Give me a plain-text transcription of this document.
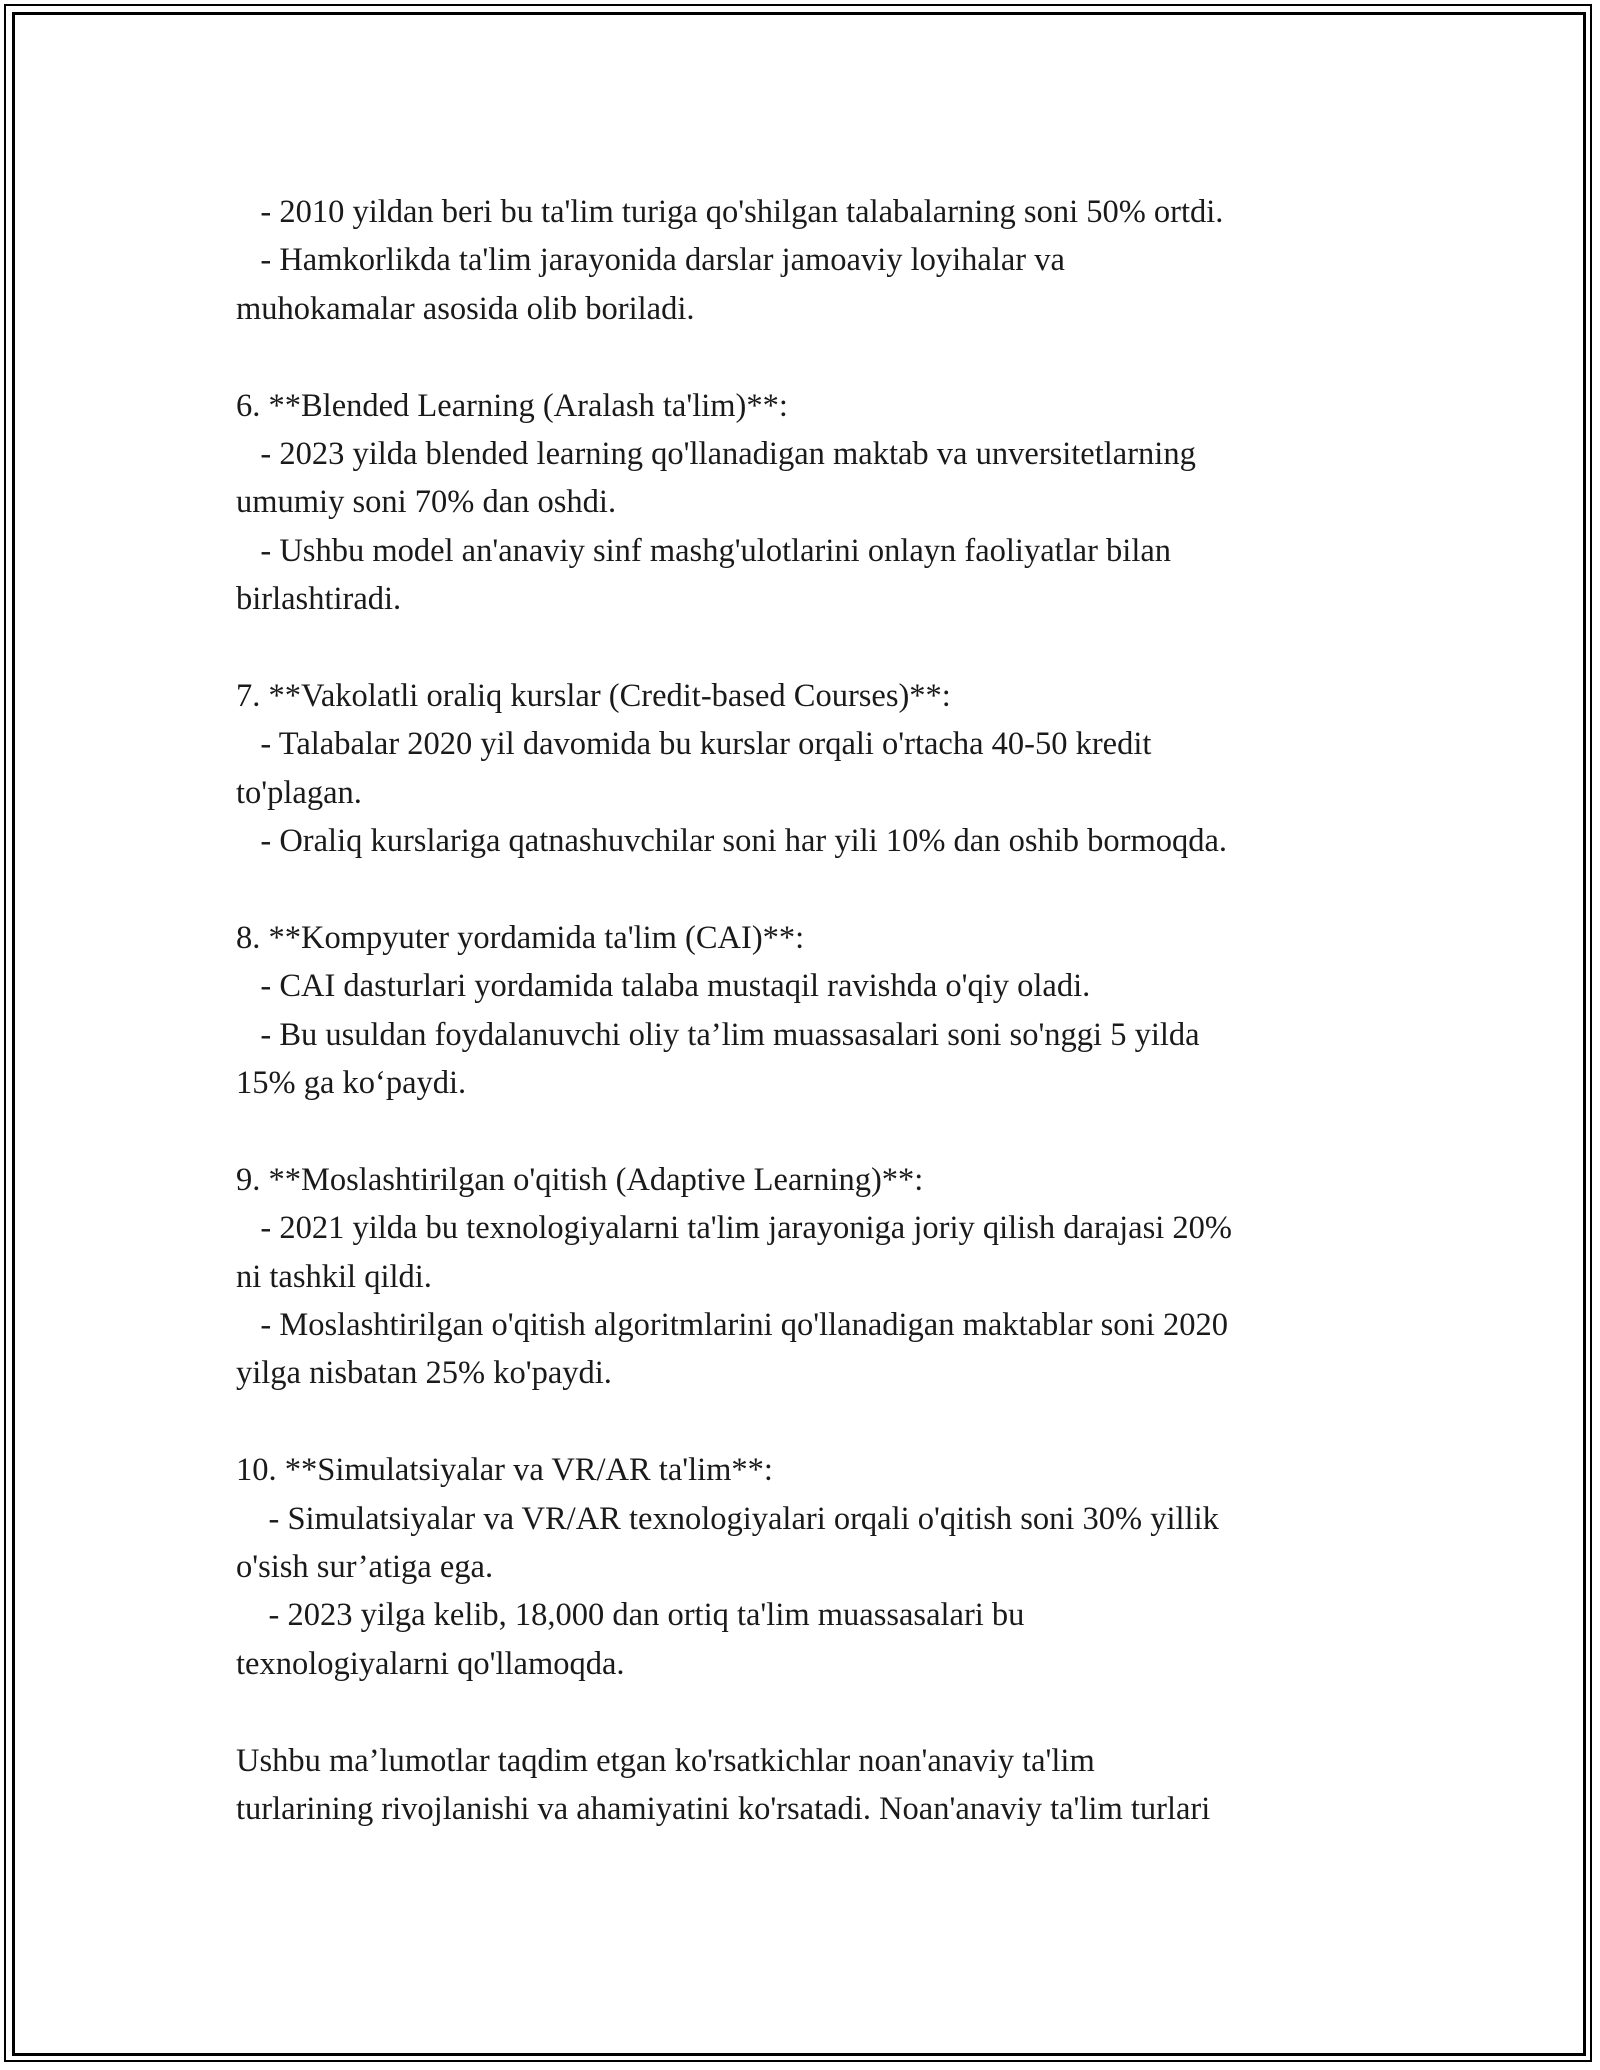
- 2010 yildan beri bu ta'lim turiga qo'shilgan talabalarning soni 50% ortdi.
- Hamkorlikda ta'lim jarayonida darslar jamoaviy loyihalar va
muhokamalar asosida olib boriladi.
6. **Blended Learning (Aralash ta'lim)**:
- 2023 yilda blended learning qo'llanadigan maktab va unversitetlarning
umumiy soni 70% dan oshdi.
- Ushbu model an'anaviy sinf mashg'ulotlarini onlayn faoliyatlar bilan
birlashtiradi.
7. **Vakolatli oraliq kurslar (Credit-based Courses)**:
- Talabalar 2020 yil davomida bu kurslar orqali o'rtacha 40-50 kredit
to'plagan.
- Oraliq kurslariga qatnashuvchilar soni har yili 10% dan oshib bormoqda.
8. **Kompyuter yordamida ta'lim (CAI)**:
- CAI dasturlari yordamida talaba mustaqil ravishda o'qiy oladi.
- Bu usuldan foydalanuvchi oliy ta’lim muassasalari soni so'nggi 5 yilda
15% ga ko‘paydi.
9. **Moslashtirilgan o'qitish (Adaptive Learning)**:
- 2021 yilda bu texnologiyalarni ta'lim jarayoniga joriy qilish darajasi 20%
ni tashkil qildi.
- Moslashtirilgan o'qitish algoritmlarini qo'llanadigan maktablar soni 2020
yilga nisbatan 25% ko'paydi.
10. **Simulatsiyalar va VR/AR ta'lim**:
- Simulatsiyalar va VR/AR texnologiyalari orqali o'qitish soni 30% yillik
o'sish sur’atiga ega.
- 2023 yilga kelib, 18,000 dan ortiq ta'lim muassasalari bu
texnologiyalarni qo'llamoqda.
Ushbu ma’lumotlar taqdim etgan ko'rsatkichlar noan'anaviy ta'lim
turlarining rivojlanishi va ahamiyatini ko'rsatadi. Noan'anaviy ta'lim turlari
